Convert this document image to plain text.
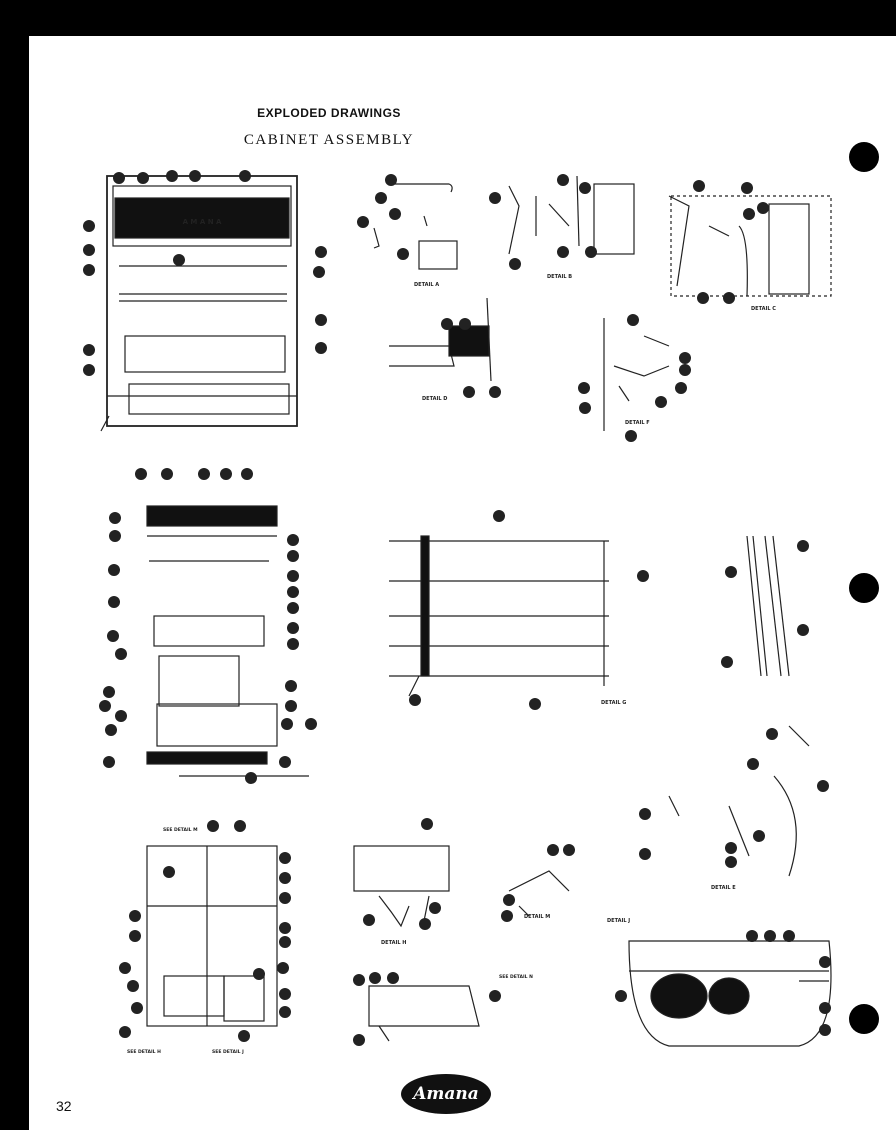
EXPLODED DRAWINGS
CABINET ASSEMBLY
DETAIL A
DETAIL B
DETAIL C
DETAIL D
DETAIL F
DETAIL G
DETAIL E
DETAIL H
DETAIL M
DETAIL J
SEE DETAIL M
SEE DETAIL N
SEE DETAIL H	SEE DETAIL J
A M A N A
Amana
32
